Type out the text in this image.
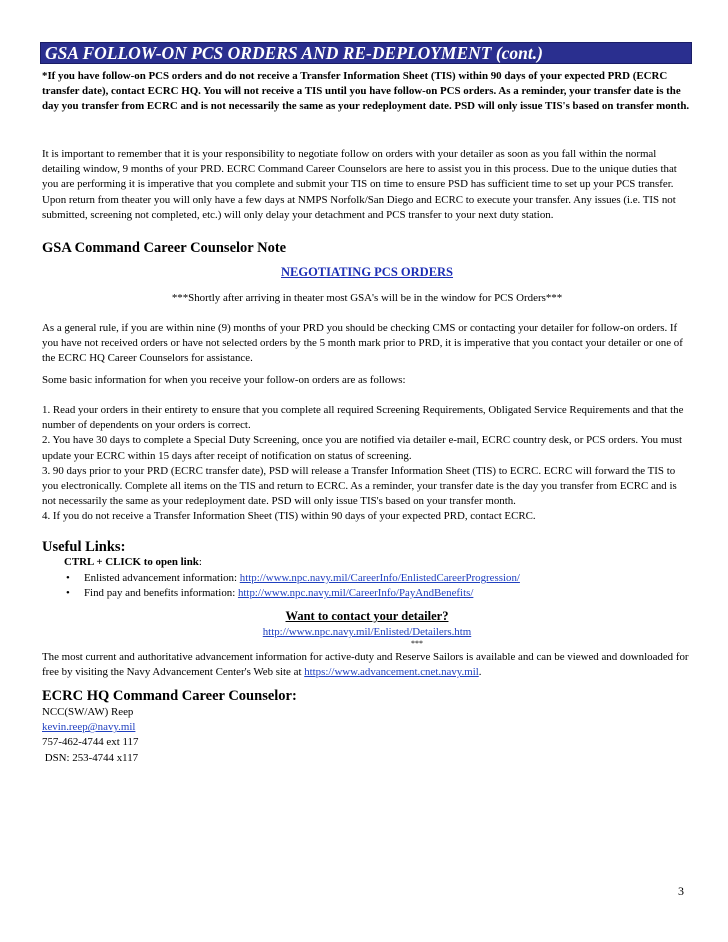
GSA FOLLOW-ON PCS ORDERS AND RE-DEPLOYMENT (cont.)
*If you have follow-on PCS orders and do not receive a Transfer Information Sheet (TIS) within 90 days of your expected PRD (ECRC transfer date), contact ECRC HQ. You will not receive a TIS until you have follow-on PCS orders. As a reminder, your transfer date is the day you transfer from ECRC and is not necessarily the same as your redeployment date. PSD will only issue TIS's based on transfer month.
It is important to remember that it is your responsibility to negotiate follow on orders with your detailer as soon as you fall within the normal detailing window, 9 months of your PRD. ECRC Command Career Counselors are here to assist you in this process. Due to the unique duties that you are performing it is imperative that you complete and submit your TIS on time to ensure PSD has sufficient time to set up your PCS transfer. Upon return from theater you will only have a few days at NMPS Norfolk/San Diego and ECRC to execute your transfer. Any issues (i.e. TIS not submitted, screening not completed, etc.) will only delay your detachment and PCS transfer to your next duty station.
GSA Command Career Counselor Note
NEGOTIATING PCS ORDERS
***Shortly after arriving in theater most GSA's will be in the window for PCS Orders***
As a general rule, if you are within nine (9) months of your PRD you should be checking CMS or contacting your detailer for follow-on orders. If you have not received orders or have not selected orders by the 5 month mark prior to PRD, it is imperative that you contact your detailer or one of the ECRC HQ Career Counselors for assistance.
Some basic information for when you receive your follow-on orders are as follows:
1. Read your orders in their entirety to ensure that you complete all required Screening Requirements, Obligated Service Requirements and that the number of dependents on your orders is correct.
2. You have 30 days to complete a Special Duty Screening, once you are notified via detailer e-mail, ECRC country desk, or PCS orders. You must update your ECRC within 15 days after receipt of notification on status of screening.
3. 90 days prior to your PRD (ECRC transfer date), PSD will release a Transfer Information Sheet (TIS) to ECRC. ECRC will forward the TIS to you electronically. Complete all items on the TIS and return to ECRC. As a reminder, your transfer date is the day you transfer from ECRC and is not necessarily the same as your redeployment date. PSD will only issue TIS's based on your transfer month.
4. If you do not receive a Transfer Information Sheet (TIS) within 90 days of your expected PRD, contact ECRC.
Useful Links:
CTRL + CLICK to open link:
• Enlisted advancement information: http://www.npc.navy.mil/CareerInfo/EnlistedCareerProgression/
• Find pay and benefits information: http://www.npc.navy.mil/CareerInfo/PayAndBenefits/
Want to contact your detailer?
http://www.npc.navy.mil/Enlisted/Detailers.htm
***
The most current and authoritative advancement information for active-duty and Reserve Sailors is available and can be viewed and downloaded for free by visiting the Navy Advancement Center's Web site at https://www.advancement.cnet.navy.mil.
ECRC HQ Command Career Counselor:
NCC(SW/AW) Reep
kevin.reep@navy.mil
757-462-4744 ext 117
DSN: 253-4744 x117
3
